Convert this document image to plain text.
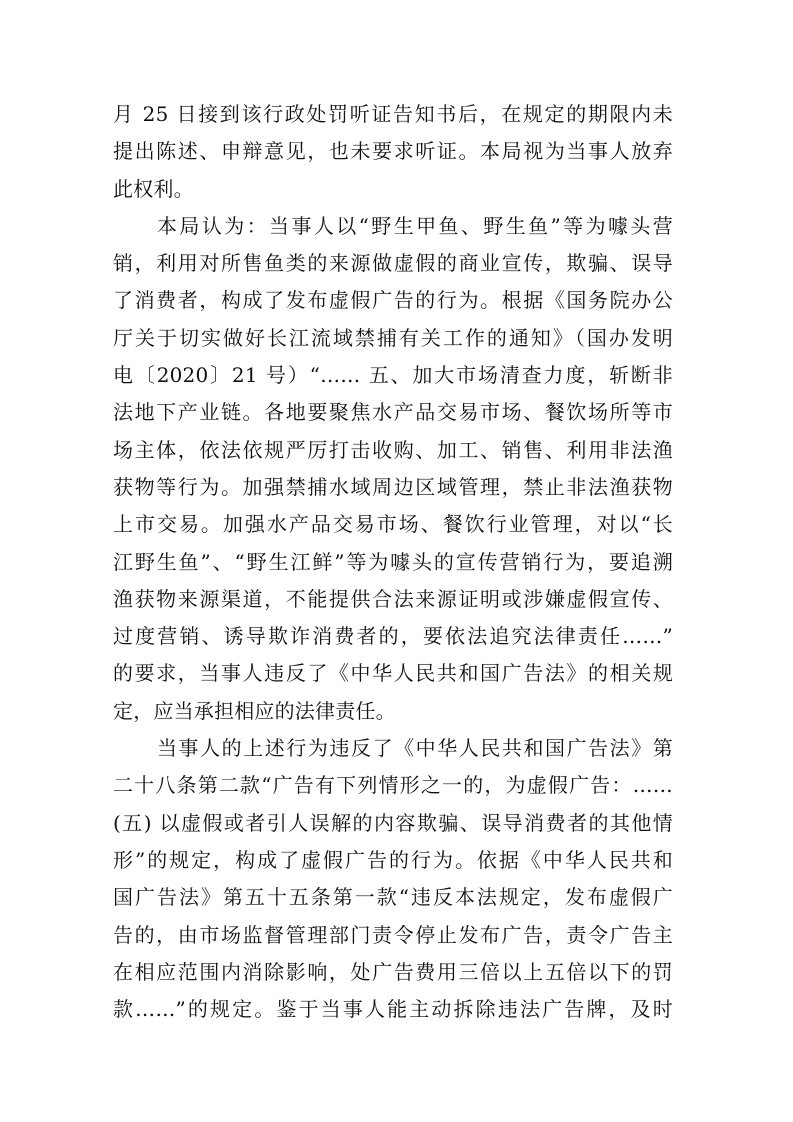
月 25 日接到该行政处罚听证告知书后，在规定的期限内未
提出陈述、申辩意见，也未要求听证。本局视为当事人放弃
此权利。
本局认为：当事人以“野生甲鱼、野生鱼”等为噱头营
销，利用对所售鱼类的来源做虚假的商业宣传，欺骗、误导
了消费者，构成了发布虚假广告的行为。根据《国务院办公
厅关于切实做好长江流域禁捕有关工作的通知》（国办发明
电〔2020〕21 号）“…… 五、加大市场清查力度，斩断非
法地下产业链。各地要聚焦水产品交易市场、餐饮场所等市
场主体，依法依规严厉打击收购、加工、销售、利用非法渔
获物等行为。加强禁捕水域周边区域管理，禁止非法渔获物
上市交易。加强水产品交易市场、餐饮行业管理，对以“长
江野生鱼”、“野生江鲜”等为噱头的宣传营销行为，要追溯
渔获物来源渠道，不能提供合法来源证明或涉嫌虚假宣传、
过度营销、诱导欺诈消费者的，要依法追究法律责任……”
的要求，当事人违反了《中华人民共和国广告法》的相关规
定，应当承担相应的法律责任。
当事人的上述行为违反了《中华人民共和国广告法》第
二十八条第二款“广告有下列情形之一的，为虚假广告：……
(五) 以虚假或者引人误解的内容欺骗、误导消费者的其他情
形”的规定，构成了虚假广告的行为。依据《中华人民共和
国广告法》第五十五条第一款“违反本法规定，发布虚假广
告的，由市场监督管理部门责令停止发布广告，责令广告主
在相应范围内消除影响，处广告费用三倍以上五倍以下的罚
款……”的规定。鉴于当事人能主动拆除违法广告牌，及时
